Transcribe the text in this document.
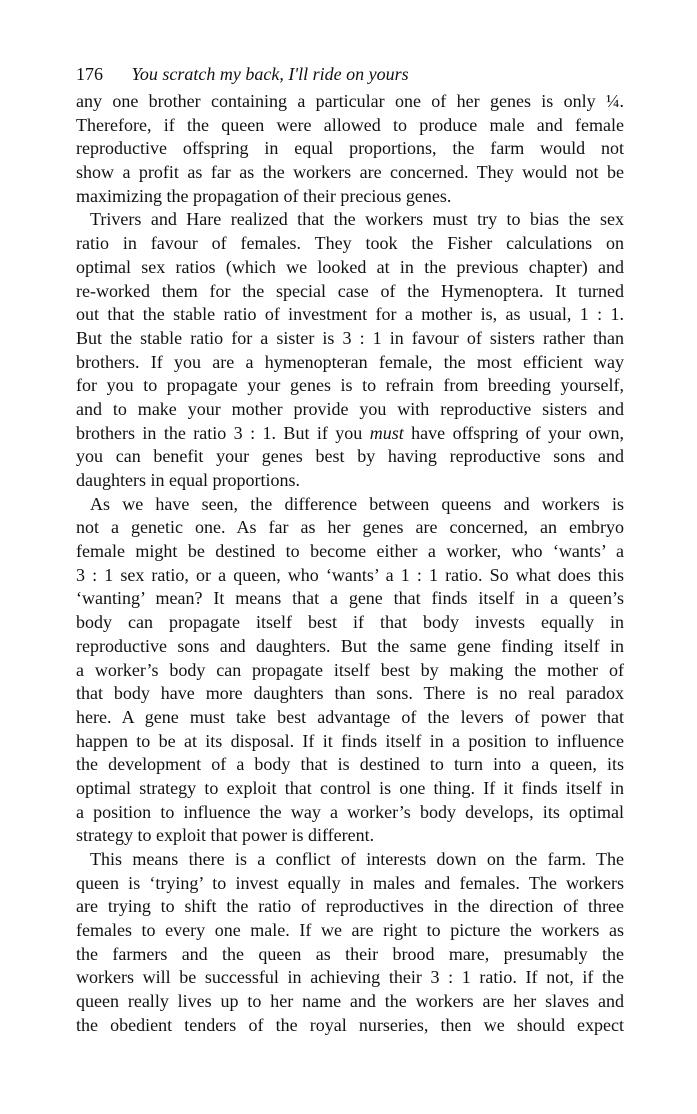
176 You scratch my back, I'll ride on yours
any one brother containing a particular one of her genes is only ¼.
Therefore, if the queen were allowed to produce male and female
reproductive offspring in equal proportions, the farm would not
show a profit as far as the workers are concerned. They would not be
maximizing the propagation of their precious genes.
Trivers and Hare realized that the workers must try to bias the sex
ratio in favour of females. They took the Fisher calculations on
optimal sex ratios (which we looked at in the previous chapter) and
re-worked them for the special case of the Hymenoptera. It turned
out that the stable ratio of investment for a mother is, as usual, 1 : 1.
But the stable ratio for a sister is 3 : 1 in favour of sisters rather than
brothers. If you are a hymenopteran female, the most efficient way
for you to propagate your genes is to refrain from breeding yourself,
and to make your mother provide you with reproductive sisters and
brothers in the ratio 3 : 1. But if you must have offspring of your own,
you can benefit your genes best by having reproductive sons and
daughters in equal proportions.
As we have seen, the difference between queens and workers is
not a genetic one. As far as her genes are concerned, an embryo
female might be destined to become either a worker, who ‘wants’ a
3 : 1 sex ratio, or a queen, who ‘wants’ a 1 : 1 ratio. So what does this
‘wanting’ mean? It means that a gene that finds itself in a queen’s
body can propagate itself best if that body invests equally in
reproductive sons and daughters. But the same gene finding itself in
a worker’s body can propagate itself best by making the mother of
that body have more daughters than sons. There is no real paradox
here. A gene must take best advantage of the levers of power that
happen to be at its disposal. If it finds itself in a position to influence
the development of a body that is destined to turn into a queen, its
optimal strategy to exploit that control is one thing. If it finds itself in
a position to influence the way a worker’s body develops, its optimal
strategy to exploit that power is different.
This means there is a conflict of interests down on the farm. The
queen is ‘trying’ to invest equally in males and females. The workers
are trying to shift the ratio of reproductives in the direction of three
females to every one male. If we are right to picture the workers as
the farmers and the queen as their brood mare, presumably the
workers will be successful in achieving their 3 : 1 ratio. If not, if the
queen really lives up to her name and the workers are her slaves and
the obedient tenders of the royal nurseries, then we should expect
